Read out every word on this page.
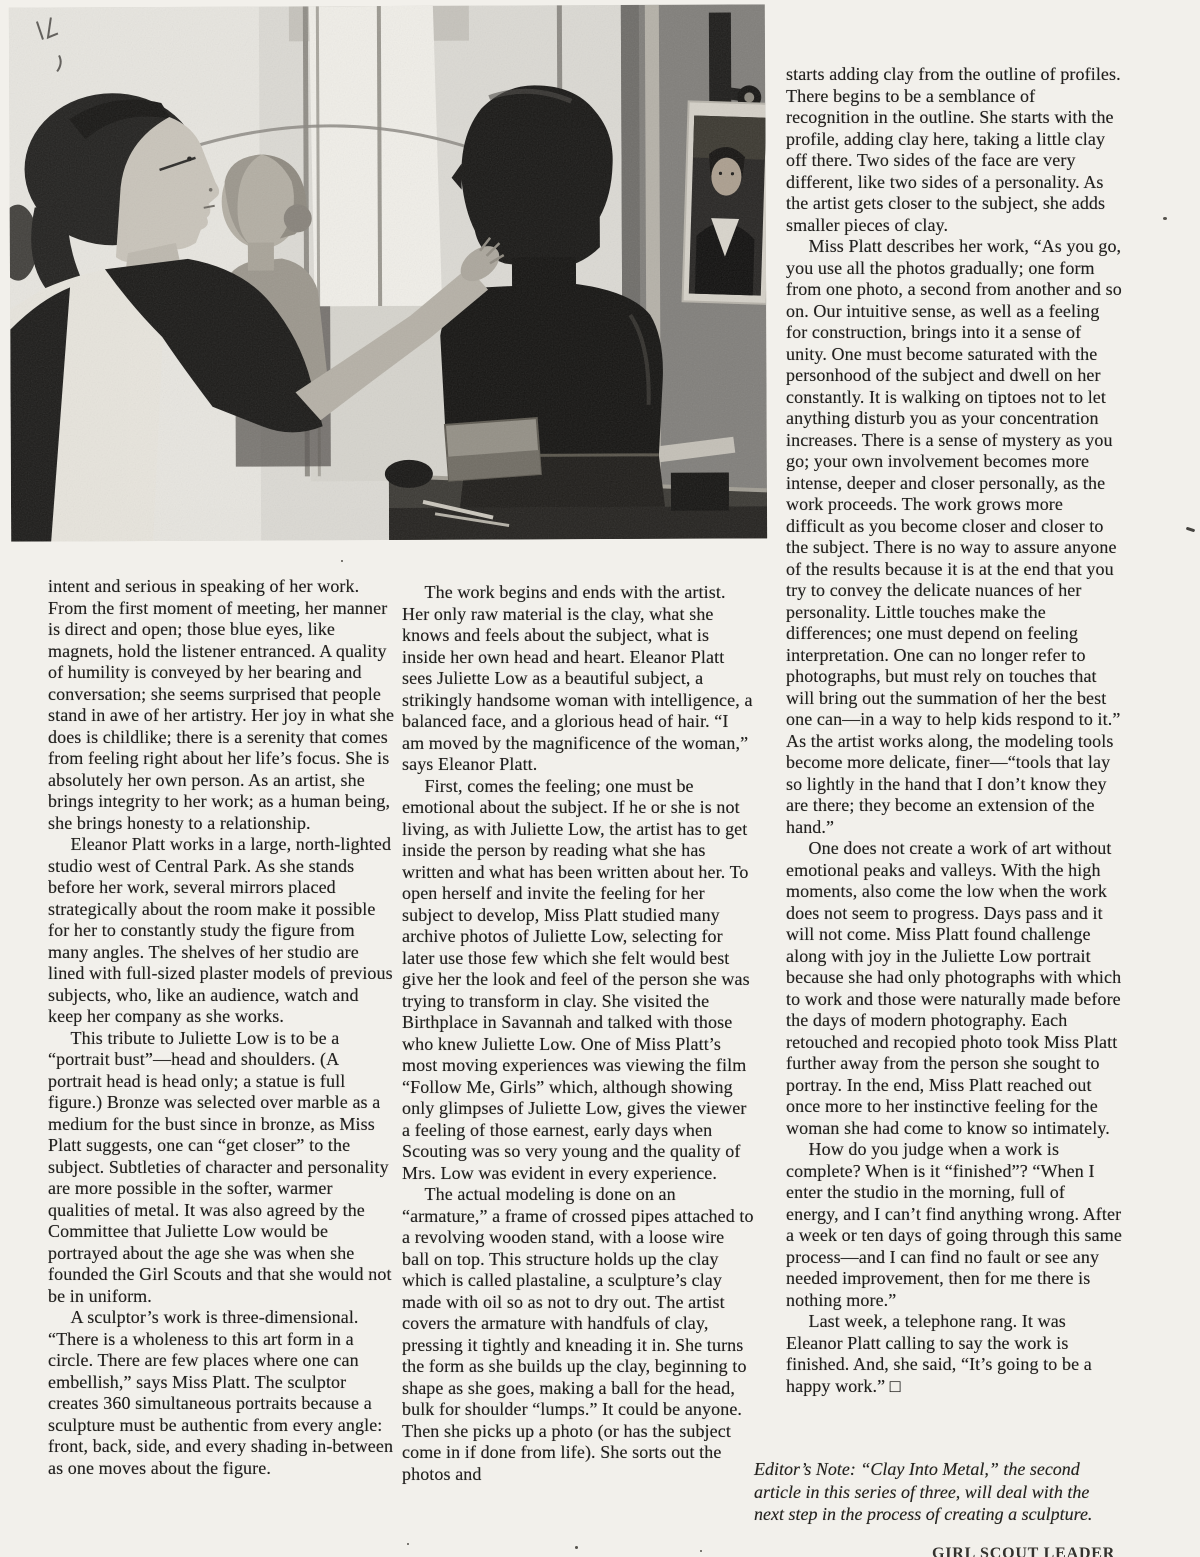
intent and serious in speaking of her work. From the first moment of meeting, her manner is direct and open; those blue eyes, like magnets, hold the listener entranced. A quality of humility is conveyed by her bearing and conversation; she seems surprised that people stand in awe of her artistry. Her joy in what she does is childlike; there is a serenity that comes from feeling right about her life’s focus. She is absolutely her own person. As an artist, she brings integrity to her work; as a human being, she brings honesty to a relationship.

Eleanor Platt works in a large, north-lighted studio west of Central Park. As she stands before her work, several mirrors placed strategically about the room make it possible for her to constantly study the figure from many angles. The shelves of her studio are lined with full-sized plaster models of previous subjects, who, like an audience, watch and keep her company as she works.

This tribute to Juliette Low is to be a “portrait bust”—head and shoulders. (A portrait head is head only; a statue is full figure.) Bronze was selected over marble as a medium for the bust since in bronze, as Miss Platt suggests, one can “get closer” to the subject. Subtleties of character and personality are more possible in the softer, warmer qualities of metal. It was also agreed by the Committee that Juliette Low would be portrayed about the age she was when she founded the Girl Scouts and that she would not be in uniform.

A sculptor’s work is three-dimensional. “There is a wholeness to this art form in a circle. There are few places where one can embellish,” says Miss Platt. The sculptor creates 360 simultaneous portraits because a sculpture must be authentic from every angle: front, back, side, and every shading in-between as one moves about the figure.

The work begins and ends with the artist. Her only raw material is the clay, what she knows and feels about the subject, what is inside her own head and heart. Eleanor Platt sees Juliette Low as a beautiful subject, a strikingly handsome woman with intelligence, a balanced face, and a glorious head of hair. “I am moved by the magnificence of the woman,” says Eleanor Platt.

First, comes the feeling; one must be emotional about the subject. If he or she is not living, as with Juliette Low, the artist has to get inside the person by reading what she has written and what has been written about her. To open herself and invite the feeling for her subject to develop, Miss Platt studied many archive photos of Juliette Low, selecting for later use those few which she felt would best give her the look and feel of the person she was trying to transform in clay. She visited the Birthplace in Savannah and talked with those who knew Juliette Low. One of Miss Platt’s most moving experiences was viewing the film “Follow Me, Girls” which, although showing only glimpses of Juliette Low, gives the viewer a feeling of those earnest, early days when Scouting was so very young and the quality of Mrs. Low was evident in every experience.

The actual modeling is done on an “armature,” a frame of crossed pipes attached to a revolving wooden stand, with a loose wire ball on top. This structure holds up the clay which is called plastaline, a sculpture’s clay made with oil so as not to dry out. The artist covers the armature with handfuls of clay, pressing it tightly and kneading it in. She turns the form as she builds up the clay, beginning to shape as she goes, making a ball for the head, bulk for shoulder “lumps.” It could be anyone. Then she picks up a photo (or has the subject come in if done from life). She sorts out the photos and

starts adding clay from the outline of profiles. There begins to be a semblance of recognition in the outline. She starts with the profile, adding clay here, taking a little clay off there. Two sides of the face are very different, like two sides of a personality. As the artist gets closer to the subject, she adds smaller pieces of clay.

Miss Platt describes her work, “As you go, you use all the photos gradually; one form from one photo, a second from another and so on. Our intuitive sense, as well as a feeling for construction, brings into it a sense of unity. One must become saturated with the personhood of the subject and dwell on her constantly. It is walking on tiptoes not to let anything disturb you as your concentration increases. There is a sense of mystery as you go; your own involvement becomes more intense, deeper and closer personally, as the work proceeds. The work grows more difficult as you become closer and closer to the subject. There is no way to assure anyone of the results because it is at the end that you try to convey the delicate nuances of her personality. Little touches make the differences; one must depend on feeling interpretation. One can no longer refer to photographs, but must rely on touches that will bring out the summation of her the best one can—in a way to help kids respond to it.” As the artist works along, the modeling tools become more delicate, finer—“tools that lay so lightly in the hand that I don’t know they are there; they become an extension of the hand.”

One does not create a work of art without emotional peaks and valleys. With the high moments, also come the low when the work does not seem to progress. Days pass and it will not come. Miss Platt found challenge along with joy in the Juliette Low portrait because she had only photographs with which to work and those were naturally made before the days of modern photography. Each retouched and recopied photo took Miss Platt further away from the person she sought to portray. In the end, Miss Platt reached out once more to her instinctive feeling for the woman she had come to know so intimately.

How do you judge when a work is complete? When is it “finished”? “When I enter the studio in the morning, full of energy, and I can’t find anything wrong. After a week or ten days of going through this same process—and I can find no fault or see any needed improvement, then for me there is nothing more.”

Last week, a telephone rang. It was Eleanor Platt calling to say the work is finished. And, she said, “It’s going to be a happy work.” □

Editor’s Note: “Clay Into Metal,” the second article in this series of three, will deal with the next step in the process of creating a sculpture.

GIRL SCOUT LEADER
